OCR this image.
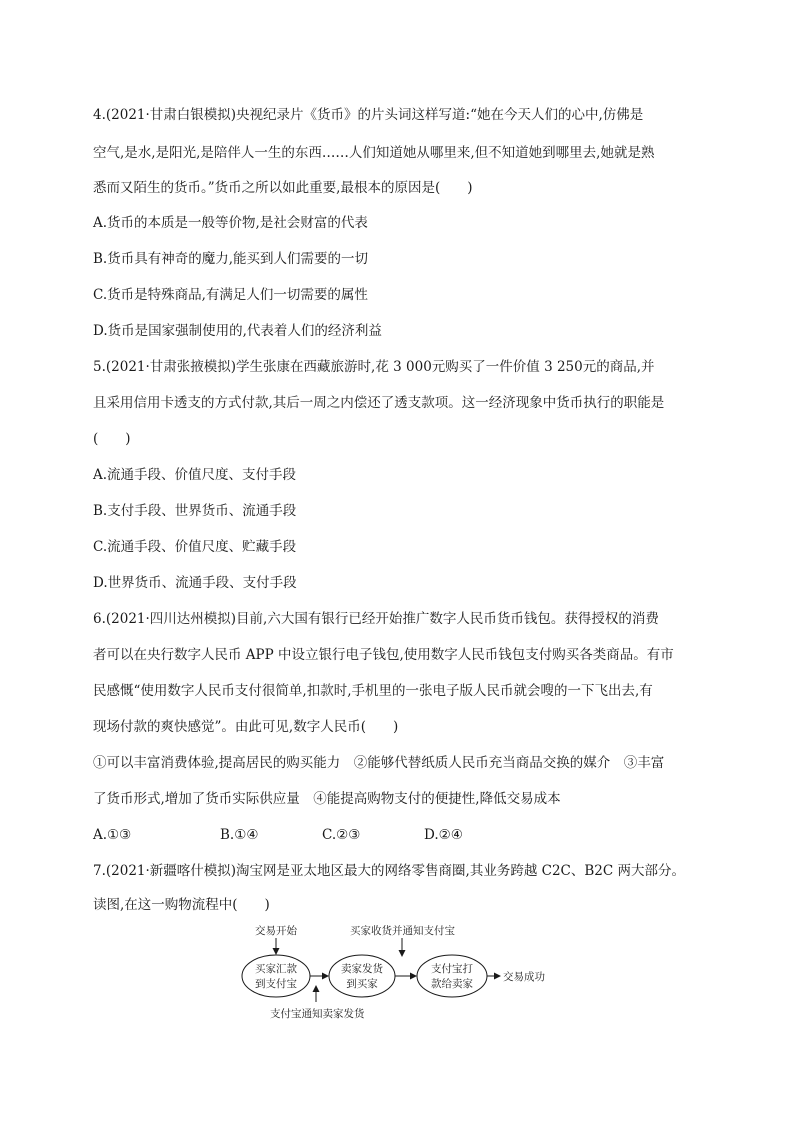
4.(2021·甘肃白银模拟)央视纪录片《货币》的片头词这样写道:“她在今天人们的心中,仿佛是
空气,是水,是阳光,是陪伴人一生的东西……人们知道她从哪里来,但不知道她到哪里去,她就是熟
悉而又陌生的货币。”货币之所以如此重要,最根本的原因是(　　)
A.货币的本质是一般等价物,是社会财富的代表
B.货币具有神奇的魔力,能买到人们需要的一切
C.货币是特殊商品,有满足人们一切需要的属性
D.货币是国家强制使用的,代表着人们的经济利益
5.(2021·甘肃张掖模拟)学生张康在西藏旅游时,花 3 000元购买了一件价值 3 250元的商品,并
且采用信用卡透支的方式付款,其后一周之内偿还了透支款项。这一经济现象中货币执行的职能是
(　　)
A.流通手段、价值尺度、支付手段
B.支付手段、世界货币、流通手段
C.流通手段、价值尺度、贮藏手段
D.世界货币、流通手段、支付手段
6.(2021·四川达州模拟)目前,六大国有银行已经开始推广数字人民币货币钱包。获得授权的消费
者可以在央行数字人民币 APP 中设立银行电子钱包,使用数字人民币钱包支付购买各类商品。有市
民感慨“使用数字人民币支付很简单,扣款时,手机里的一张电子版人民币就会嗖的一下飞出去,有
现场付款的爽快感觉”。由此可见,数字人民币(　　)
①可以丰富消费体验,提高居民的购买能力　②能够代替纸质人民币充当商品交换的媒介　③丰富
了货币形式,增加了货币实际供应量　④能提高购物支付的便捷性,降低交易成本
A.①③	B.①④	C.②③	D.②④
7.(2021·新疆喀什模拟)淘宝网是亚太地区最大的网络零售商圈,其业务跨越 C2C、B2C 两大部分。
读图,在这一购物流程中(　　)
交易开始	买家收货并通知支付宝
买家汇款
到支付宝
卖家发货
到买家
支付宝打
款给卖家
交易成功
支付宝通知卖家发货
